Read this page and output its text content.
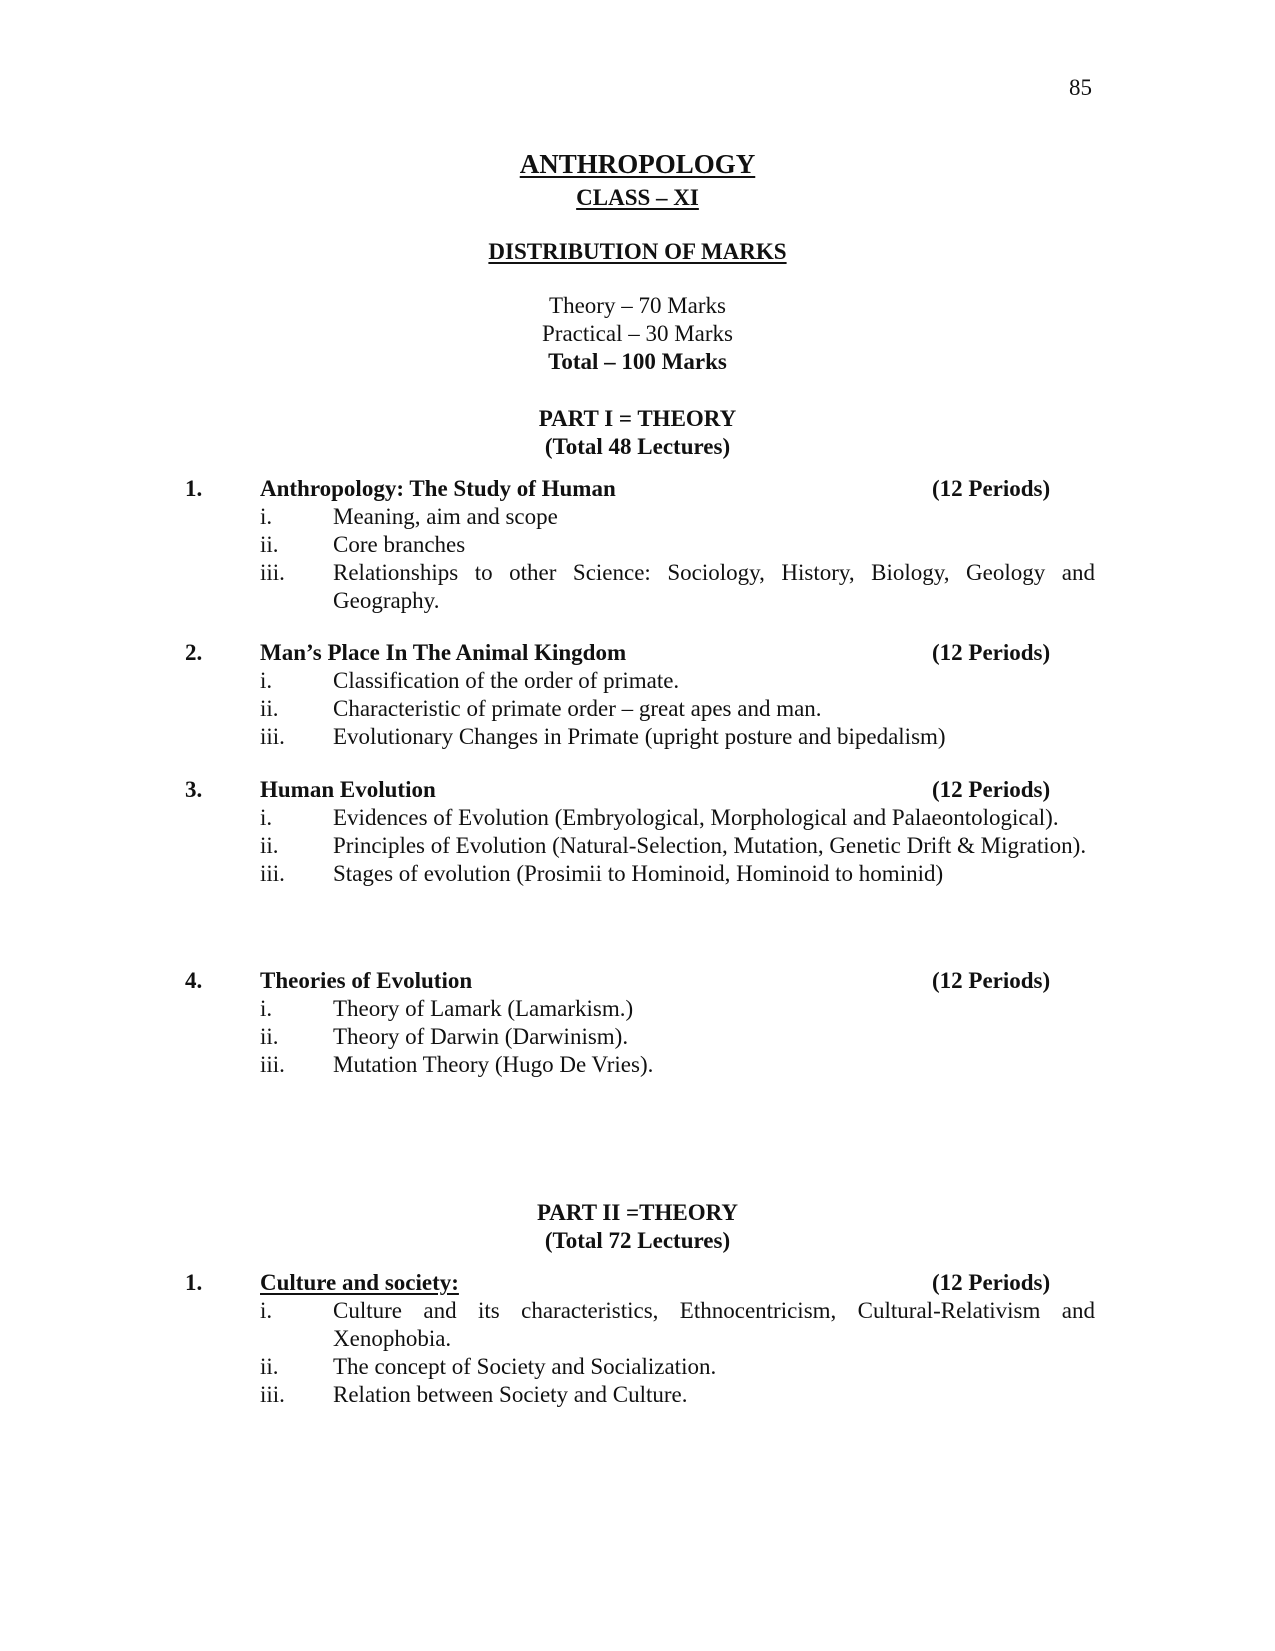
85
ANTHROPOLOGY
CLASS – XI
DISTRIBUTION OF MARKS
Theory – 70 Marks
Practical – 30 Marks
Total – 100 Marks
PART I = THEORY
(Total 48 Lectures)
1.	Anthropology: The Study of Human	(12 Periods)
i.	Meaning, aim and scope
ii. Core branches
iii. Relationships to other Science: Sociology, History, Biology, Geology and Geography.
2.	Man’s Place In The Animal Kingdom	(12 Periods)
i.	Classification of the order of primate.
ii. Characteristic of primate order – great apes and man.
iii. Evolutionary Changes in Primate (upright posture and bipedalism)
3.	Human Evolution	(12 Periods)
i.	Evidences of Evolution (Embryological, Morphological and Palaeontological).
ii. Principles of Evolution (Natural-Selection, Mutation, Genetic Drift & Migration).
iii. Stages of evolution (Prosimii to Hominoid, Hominoid to hominid)
4.	Theories of Evolution	(12 Periods)
i.	Theory of Lamark (Lamarkism.)
ii. Theory of Darwin (Darwinism).
iii. Mutation Theory (Hugo De Vries).
PART II =THEORY
(Total 72 Lectures)
1.	Culture and society:	(12 Periods)
i.	Culture and its characteristics, Ethnocentricism, Cultural-Relativism and Xenophobia.
ii. The concept of Society and Socialization.
iii. Relation between Society and Culture.
